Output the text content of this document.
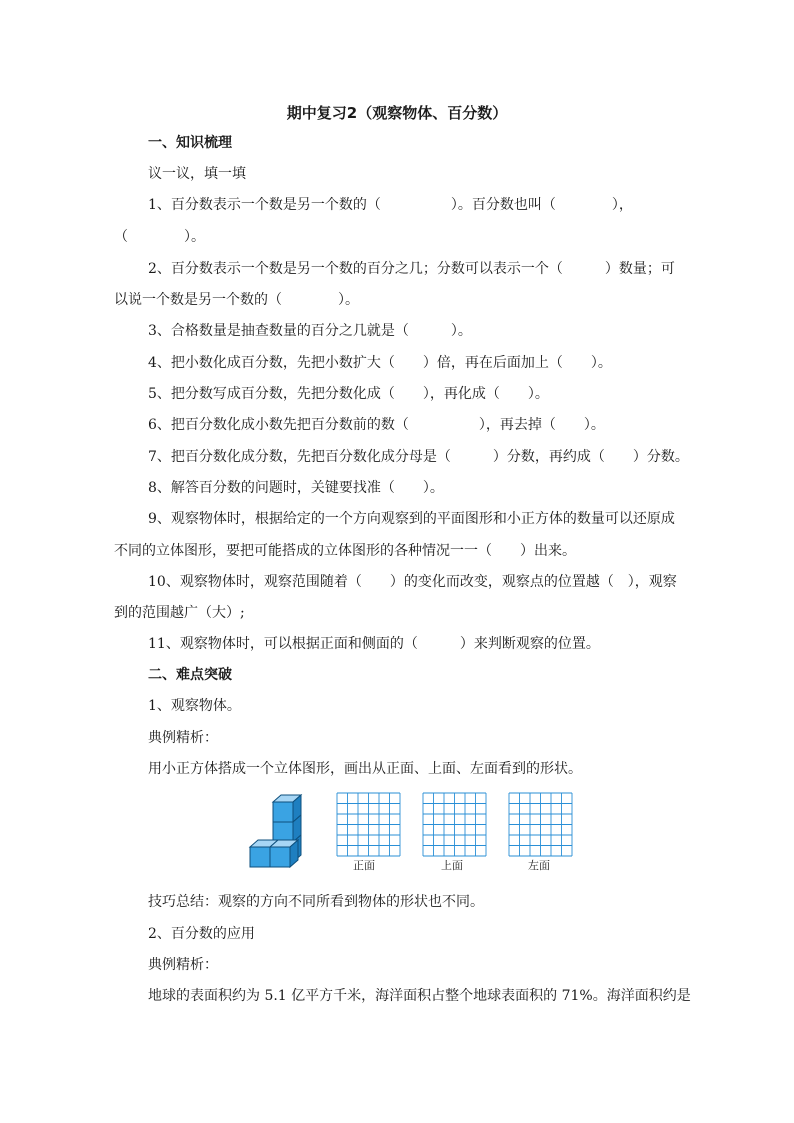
期中复习2（观察物体、百分数）
一、知识梳理
议一议，填一填
1、百分数表示一个数是另一个数的（　　　　　）。百分数也叫（　　　　），
（　　　　）。
2、百分数表示一个数是另一个数的百分之几；分数可以表示一个（　　　）数量；可
以说一个数是另一个数的（　　　　）。
3、合格数量是抽查数量的百分之几就是（　　　）。
4、把小数化成百分数，先把小数扩大（　　）倍，再在后面加上（　　）。
5、把分数写成百分数，先把分数化成（　　），再化成（　　）。
6、把百分数化成小数先把百分数前的数（　　　　　），再去掉（　　）。
7、把百分数化成分数，先把百分数化成分母是（　　　）分数，再约成（　　）分数。
8、解答百分数的问题时，关键要找准（　　）。
9、观察物体时，根据给定的一个方向观察到的平面图形和小正方体的数量可以还原成
不同的立体图形，要把可能搭成的立体图形的各种情况一一（　　）出来。
10、观察物体时，观察范围随着（　　）的变化而改变，观察点的位置越（　），观察
到的范围越广（大）;
11、观察物体时，可以根据正面和侧面的（　　　）来判断观察的位置。
二、难点突破
1、观察物体。
典例精析：
用小正方体搭成一个立体图形，画出从正面、上面、左面看到的形状。
正面	上面	左面
技巧总结：观察的方向不同所看到物体的形状也不同。
2、百分数的应用
典例精析：
地球的表面积约为 5.1 亿平方千米，海洋面积占整个地球表面积的 71%。海洋面积约是
